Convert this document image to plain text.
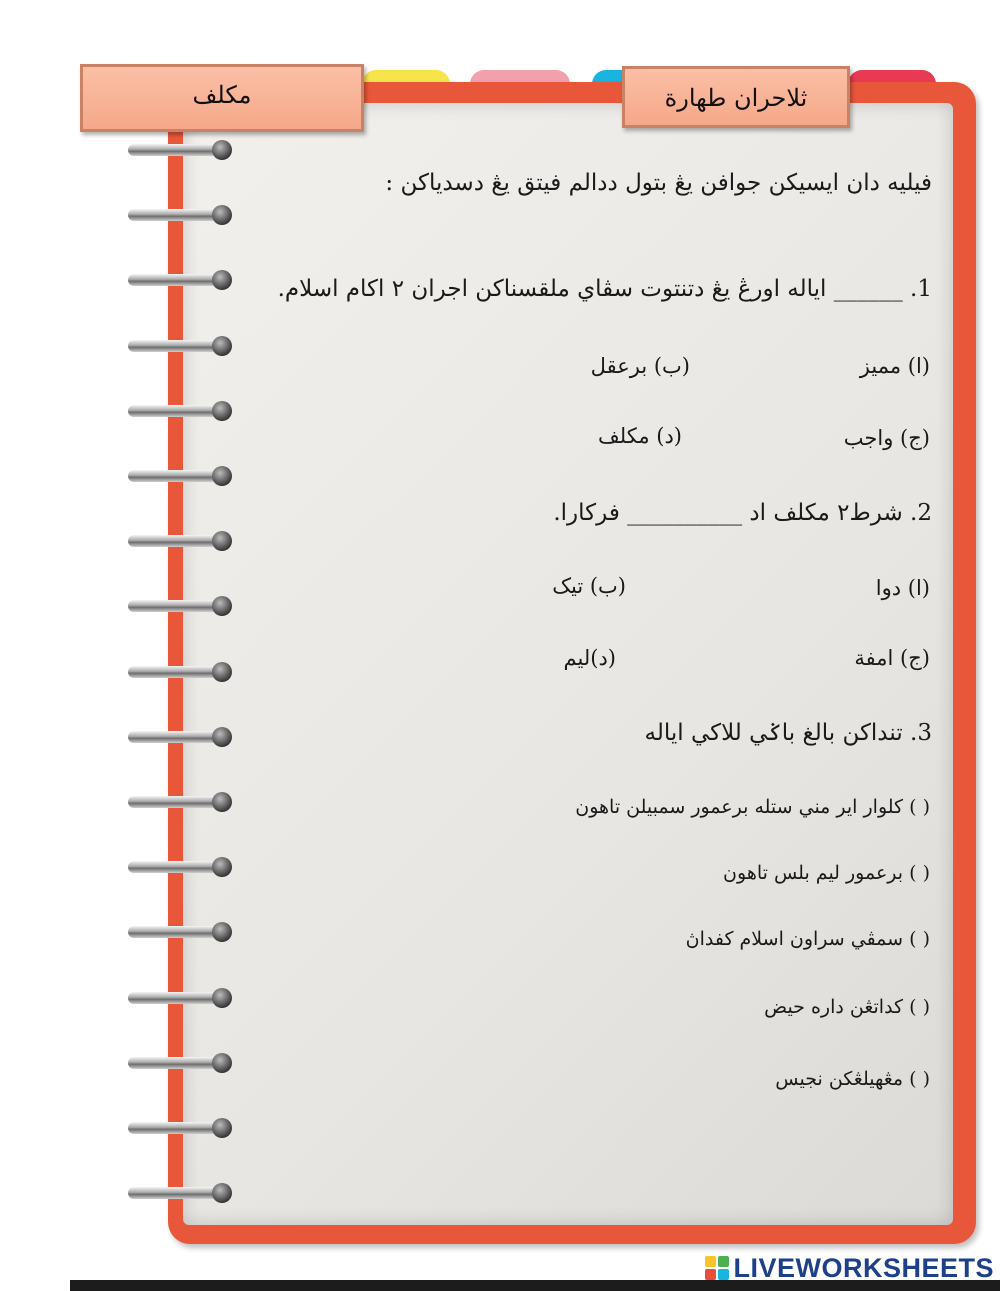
مكلف	ثلاحران طهارة
فيليه دان ايسيكن جوافن يڠ بتول ددالم فيتق يڠ دسدياكن :
1. ______ اياله اورڠ يڠ دتنتوت سڤاي ملقسناكن اجران ٢ اكام اسلام.
(ا) مميز
(ب) برعقل
(ج) واجب
(د) مكلف
2. شرط٢ مكلف اد __________ فركارا.
(ا) دوا
(ب) تيک
(ج) امفة
(د)ليم
3. تنداكن بالغ باݢي للاكي اياله
( ) كلوار اير مني ستله برعمور سمبيلن تاهون
( ) برعمور ليم بلس تاهون
( ) سمڤي سراون اسلام كفداڽ
( ) كداتڠن داره حيض
( ) مڠهيلڠكن نجيس
LIVEWORKSHEETS
